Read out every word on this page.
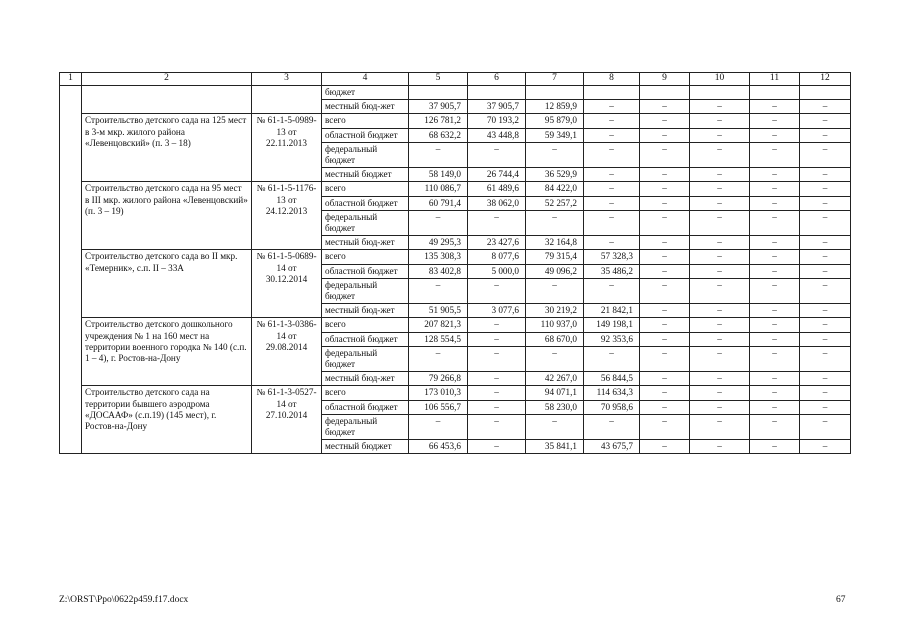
1	2	3	4	5	6	7	8	9	10	11	12
			бюджет								
			местный бюд-жет	37 905,7	37 905,7	12 859,9	–	–	–	–	–
	Строительство детского сада на 125 мест в 3-м мкр. жилого района «Левенцовский» (п. 3 – 18)	№ 61-1-5-0989-13 от 22.11.2013	всего	126 781,2	70 193,2	95 879,0	–	–	–	–	–
			областной бюджет	68 632,2	43 448,8	59 349,1	–	–	–	–	–
			федеральный бюджет	–	–	–	–	–	–	–	–
			местный бюджет	58 149,0	26 744,4	36 529,9	–	–	–	–	–
	Строительство детского сада на 95 мест в III мкр. жилого района «Левенцовский» (п. 3 – 19)	№ 61-1-5-1176-13 от 24.12.2013	всего	110 086,7	61 489,6	84 422,0	–	–	–	–	–
			областной бюджет	60 791,4	38 062,0	52 257,2	–	–	–	–	–
			федеральный бюджет	–	–	–	–	–	–	–	–
			местный бюд-жет	49 295,3	23 427,6	32 164,8	–	–	–	–	–
	Строительство детского сада во II мкр. «Темерник», с.п. II – 33А	№ 61-1-5-0689-14 от 30.12.2014	всего	135 308,3	8 077,6	79 315,4	57 328,3	–	–	–	–
			областной бюджет	83 402,8	5 000,0	49 096,2	35 486,2	–	–	–	–
			федеральный бюджет	–	–	–	–	–	–	–	–
			местный бюд-жет	51 905,5	3 077,6	30 219,2	21 842,1	–	–	–	–
	Строительство детского дошкольного учреждения № 1 на 160 мест на территории военного городка № 140 (с.п. 1 – 4), г. Ростов-на-Дону	№ 61-1-3-0386-14 от 29.08.2014	всего	207 821,3	–	110 937,0	149 198,1	–	–	–	–
			областной бюджет	128 554,5	–	68 670,0	92 353,6	–	–	–	–
			федеральный бюджет	–	–	–	–	–	–	–	–
			местный бюд-жет	79 266,8	–	42 267,0	56 844,5	–	–	–	–
	Строительство детского сада на территории бывшего аэродрома «ДОСААФ» (с.п.19) (145 мест), г. Ростов-на-Дону	№ 61-1-3-0527-14 от 27.10.2014	всего	173 010,3	–	94 071,1	114 634,3	–	–	–	–
			областной бюджет	106 556,7	–	58 230,0	70 958,6	–	–	–	–
			федеральный бюджет	–	–	–	–	–	–	–	–
			местный бюджет	66 453,6	–	35 841,1	43 675,7	–	–	–	–
Z:\ORST\Ppo\0622p459.f17.docx	67
